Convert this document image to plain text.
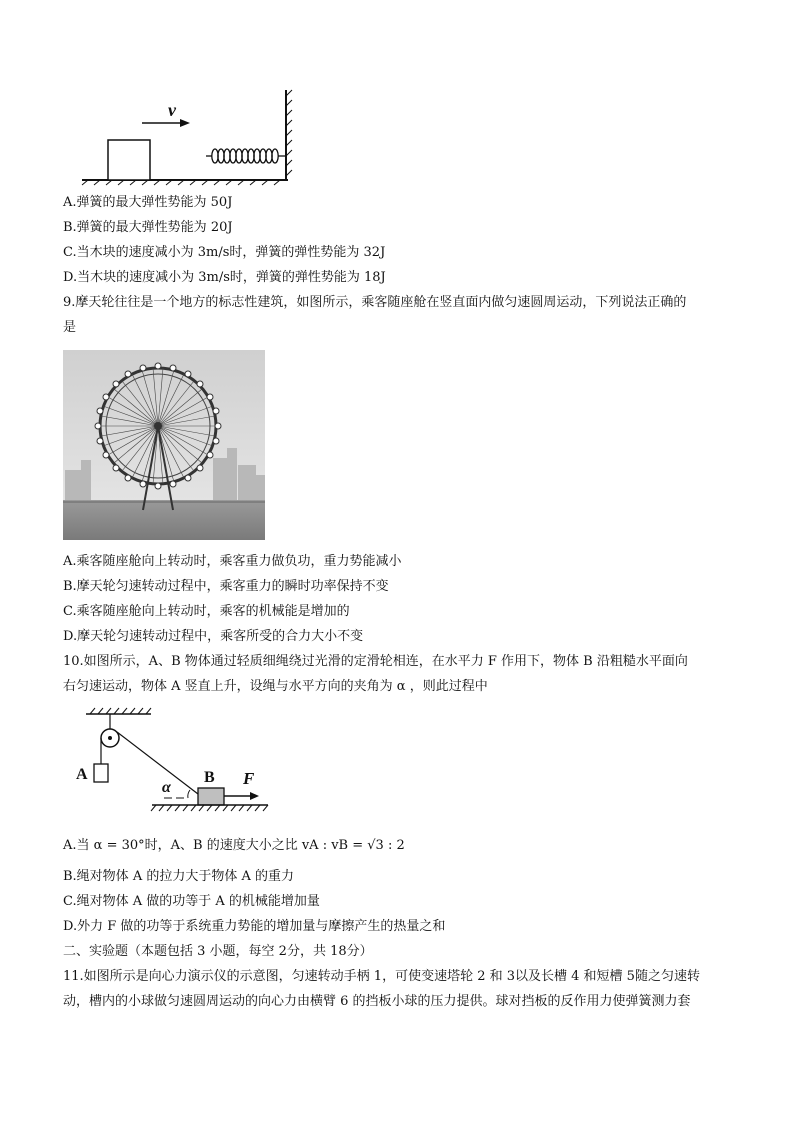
v
A.弹簧的最大弹性势能为 50J
B.弹簧的最大弹性势能为 20J
C.当木块的速度减小为 3m/s时，弹簧的弹性势能为 32J
D.当木块的速度减小为 3m/s时，弹簧的弹性势能为 18J
9.摩天轮往往是一个地方的标志性建筑，如图所示，乘客随座舱在竖直面内做匀速圆周运动，下列说法正确的
是
A.乘客随座舱向上转动时，乘客重力做负功，重力势能减小
B.摩天轮匀速转动过程中，乘客重力的瞬时功率保持不变
C.乘客随座舱向上转动时，乘客的机械能是增加的
D.摩天轮匀速转动过程中，乘客所受的合力大小不变
10.如图所示，A、B 物体通过轻质细绳绕过光滑的定滑轮相连，在水平力 F 作用下，物体 B 沿粗糙水平面向
右匀速运动，物体 A 竖直上升，设绳与水平方向的夹角为 α ，则此过程中
A	B F
α
A.当 α = 30°时，A、B 的速度大小之比 vA : vB = √3 : 2
B.绳对物体 A 的拉力大于物体 A 的重力
C.绳对物体 A 做的功等于 A 的机械能增加量
D.外力 F 做的功等于系统重力势能的增加量与摩擦产生的热量之和
二、实验题（本题包括 3 小题，每空 2分，共 18分）
11.如图所示是向心力演示仪的示意图，匀速转动手柄 1，可使变速塔轮 2 和 3以及长槽 4 和短槽 5随之匀速转
动，槽内的小球做匀速圆周运动的向心力由横臂 6 的挡板小球的压力提供。球对挡板的反作用力使弹簧测力套
